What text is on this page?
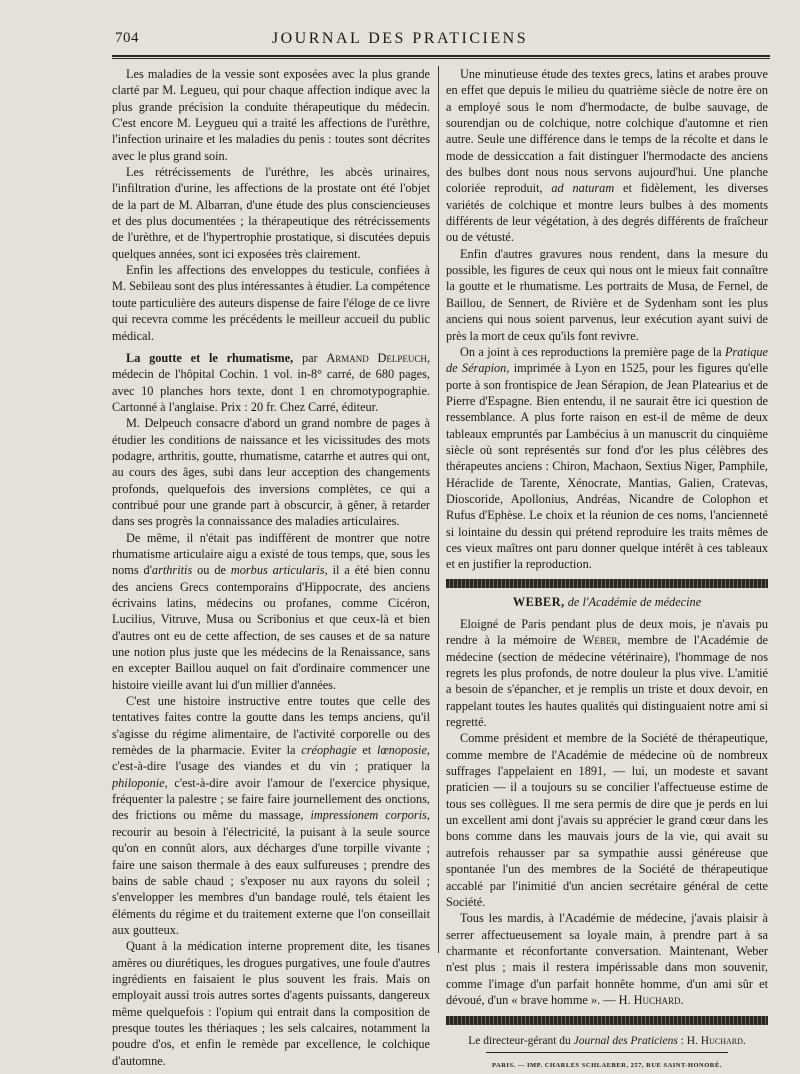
704	JOURNAL DES PRATICIENS

Les maladies de la vessie sont exposées avec la plus grande clarté par M. Legueu, qui pour chaque affection indique avec la plus grande précision la conduite thérapeutique du médecin. C'est encore M. Leygueu qui a traité les affections de l'urèthre, l'infection urinaire et les maladies du penis : toutes sont décrites avec le plus grand soin.

Les rétrécissements de l'uréthre, les abcès urinaires, l'infiltration d'urine, les affections de la prostate ont été l'objet de la part de M. Albarran, d'une étude des plus consciencieuses et des plus documentées ; la thérapeutique des rétrécissements de l'urèthre, et de l'hypertrophie prostatique, si discutées depuis quelques années, sont ici exposées très clairement.

Enfin les affections des enveloppes du testicule, confiées à M. Sebileau sont des plus intéressantes à étudier. La compétence toute particulière des auteurs dispense de faire l'éloge de ce livre qui recevra comme les précédents le meilleur accueil du public médical.

La goutte et le rhumatisme, par Armand Delpeuch, médecin de l'hôpital Cochin. 1 vol. in-8° carré, de 680 pages, avec 10 planches hors texte, dont 1 en chromotypographie. Cartonné à l'anglaise. Prix : 20 fr. Chez Carré, éditeur.

M. Delpeuch consacre d'abord un grand nombre de pages à étudier les conditions de naissance et les vicissitudes des mots podagre, arthritis, goutte, rhumatisme, catarrhe et autres qui ont, au cours des âges, subi dans leur acception des changements profonds, quelquefois des inversions complètes, ce qui a contribué pour une grande part à obscurcir, à gêner, à retarder dans ses progrès la connaissance des maladies articulaires.

De même, il n'était pas indifférent de montrer que notre rhumatisme articulaire aigu a existé de tous temps, que, sous les noms d'arthritis ou de morbus articularis, il a été bien connu des anciens Grecs contemporains d'Hippocrate, des anciens écrivains latins, médecins ou profanes, comme Cicéron, Lucilius, Vitruve, Musa ou Scribonius et que ceux-là et bien d'autres ont eu de cette affection, de ses causes et de sa nature une notion plus juste que les médecins de la Renaissance, sans en excepter Baillou auquel on fait d'ordinaire commencer une histoire vieille avant lui d'un millier d'années.

C'est une histoire instructive entre toutes que celle des tentatives faites contre la goutte dans les temps anciens, qu'il s'agisse du régime alimentaire, de l'activité corporelle ou des remèdes de la pharmacie. Eviter la créophagie et lœnoposie, c'est-à-dire l'usage des viandes et du vin ; pratiquer la philoponie, c'est-à-dire avoir l'amour de l'exercice physique, fréquenter la palestre ; se faire faire journellement des onctions, des frictions ou même du massage, impressionem corporis, recourir au besoin à l'électricité, la puisant à la seule source qu'on en connût alors, aux décharges d'une torpille vivante ; faire une saison thermale à des eaux sulfureuses ; prendre des bains de sable chaud ; s'exposer nu aux rayons du soleil ; s'envelopper les membres d'un bandage roulé, tels étaient les éléments du régime et du traitement externe que l'on conseillait aux goutteux.

Quant à la médication interne proprement dite, les tisanes amères ou diurétiques, les drogues purgatives, une foule d'autres ingrédients en faisaient le plus souvent les frais. Mais on employait aussi trois autres sortes d'agents puissants, dangereux même quelquefois : l'opium qui entrait dans la composition de presque toutes les thériaques ; les sels calcaires, notamment la poudre d'os, et enfin le remède par excellence, le colchique d'automne.

Une minutieuse étude des textes grecs, latins et arabes prouve en effet que depuis le milieu du quatrième siècle de notre ère on a employé sous le nom d'hermodacte, de bulbe sauvage, de sourendjan ou de colchique, notre colchique d'automne et rien autre. Seule une différence dans le temps de la récolte et dans le mode de dessiccation a fait distinguer l'hermodacte des anciens des bulbes dont nous nous servons aujourd'hui. Une planche coloriée reproduit, ad naturam et fidèlement, les diverses variétés de colchique et montre leurs bulbes à des moments différents de leur végétation, à des degrés différents de fraîcheur ou de vétusté.

Enfin d'autres gravures nous rendent, dans la mesure du possible, les figures de ceux qui nous ont le mieux fait connaître la goutte et le rhumatisme. Les portraits de Musa, de Fernel, de Baillou, de Sennert, de Rivière et de Sydenham sont les plus anciens qui nous soient parvenus, leur exécution ayant suivi de près la mort de ceux qu'ils font revivre.

On a joint à ces reproductions la première page de la Pratique de Sérapion, imprimée à Lyon en 1525, pour les figures qu'elle porte à son frontispice de Jean Sérapion, de Jean Platearius et de Pierre d'Espagne. Bien entendu, il ne saurait être ici question de ressemblance. A plus forte raison en est-il de même de deux tableaux empruntés par Lambécius à un manuscrit du cinquième siècle où sont représentés sur fond d'or les plus célèbres des thérapeutes anciens : Chiron, Machaon, Sextius Niger, Pamphile, Héraclide de Tarente, Xénocrate, Mantias, Galien, Cratevas, Dioscoride, Apollonius, Andréas, Nicandre de Colophon et Rufus d'Ephèse. Le choix et la réunion de ces noms, l'ancienneté si lointaine du dessin qui prétend reproduire les traits mêmes de ces vieux maîtres ont paru donner quelque intérêt à ces tableaux et en justifier la reproduction.

WEBER, de l'Académie de médecine

Eloigné de Paris pendant plus de deux mois, je n'avais pu rendre à la mémoire de Weber, membre de l'Académie de médecine (section de médecine vétérinaire), l'hommage de nos regrets les plus profonds, de notre douleur la plus vive. L'amitié a besoin de s'épancher, et je remplis un triste et doux devoir, en rappelant toutes les hautes qualités qui distinguaient notre ami si regretté.

Comme président et membre de la Société de thérapeutique, comme membre de l'Académie de médecine où de nombreux suffrages l'appelaient en 1891, — lui, un modeste et savant praticien — il a toujours su se concilier l'affectueuse estime de tous ses collègues. Il me sera permis de dire que je perds en lui un excellent ami dont j'avais su apprécier le grand cœur dans les bons comme dans les mauvais jours de la vie, qui avait su autrefois rehausser par sa sympathie aussi généreuse que spontanée l'un des membres de la Société de thérapeutique accablé par l'inimitié d'un ancien secrétaire général de cette Société.

Tous les mardis, à l'Académie de médecine, j'avais plaisir à serrer affectueusement sa loyale main, à prendre part à sa charmante et réconfortante conversation. Maintenant, Weber n'est plus ; mais il restera impérissable dans mon souvenir, comme l'image d'un parfait honnête homme, d'un ami sûr et dévoué, d'un « brave homme ». — H. Huchard.

Le directeur-gérant du Journal des Praticiens : H. Huchard.
PARIS. — IMP. CHARLES SCHLAEBER, 257, RUE SAINT-HONORÉ.
